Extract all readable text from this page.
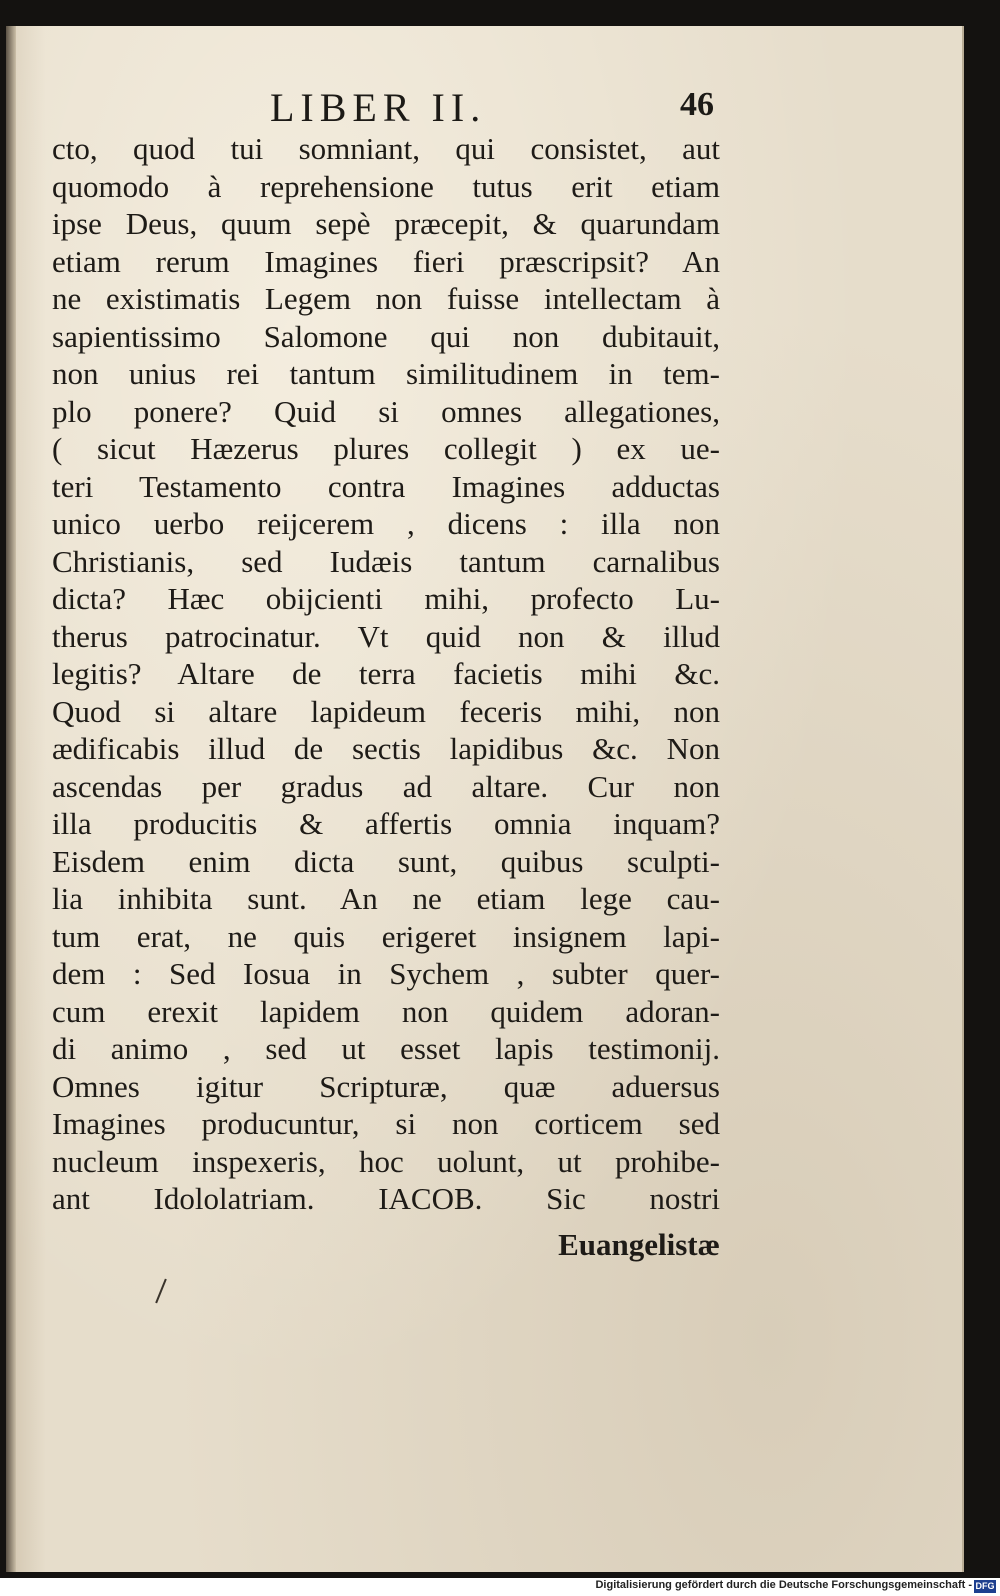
LIBER II.	46
cto, quod tui somniant, qui consistet, aut
quomodo à reprehensione tutus erit etiam
ipse Deus, quum sepè præcepit, & quarundam
etiam rerum Imagines fieri præscripsit? An
ne existimatis Legem non fuisse intellectam à
sapientissimo Salomone qui non dubitauit,
non unius rei tantum similitudinem in tem-
plo ponere? Quid si omnes allegationes,
( sicut Hæzerus plures collegit ) ex ue-
teri Testamento contra Imagines adductas
unico uerbo reijcerem , dicens : illa non
Christianis, sed Iudæis tantum carnalibus
dicta? Hæc obijcienti mihi, profecto Lu-
therus patrocinatur. Vt quid non & illud
legitis? Altare de terra facietis mihi &c.
Quod si altare lapideum feceris mihi, non
ædificabis illud de sectis lapidibus &c. Non
ascendas per gradus ad altare. Cur non
illa producitis & affertis omnia inquam?
Eisdem enim dicta sunt, quibus sculpti-
lia inhibita sunt. An ne etiam lege cau-
tum erat, ne quis erigeret insignem lapi-
dem : Sed Iosua in Sychem , subter quer-
cum erexit lapidem non quidem adoran-
di animo , sed ut esset lapis testimonij.
Omnes igitur Scripturæ, quæ aduersus
Imagines producuntur, si non corticem sed
nucleum inspexeris, hoc uolunt, ut prohibe-
ant Idololatriam. IACOB. Sic nostri
Euangelistæ
Digitalisierung gefördert durch die Deutsche Forschungsgemeinschaft - DFG
